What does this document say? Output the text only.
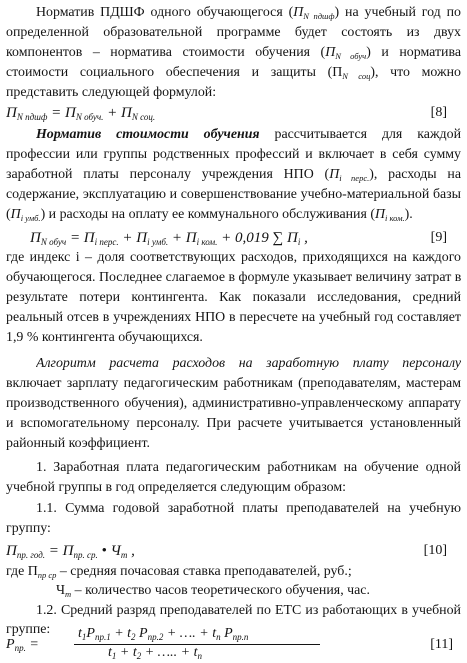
Норматив ПДШФ одного обучающегося $(П_{N пдшф})$ на учебный год по
определенной образовательной программе будет состоять из двух
компонентов – норматива стоимости обучения $(П_{N обуч})$ и норматива
стоимости социального обеспечения и защиты $(П_{N соц})$, что можно
представить следующей формулой:
$П_{N пдшф} = П_{N обуч.} + П_{N соц.}$	[8]
Норматив стоимости обучения рассчитывается для каждой
профессии или группы родственных профессий и включает в себя сумму
заработной платы персоналу учреждения НПО $(П_{i перс.})$, расходы на
содержание, эксплуатацию и совершенствование учебно-материальной базы
$(П_{i умб.})$ и расходы на оплату ее коммунального обслуживания $(П_{i ком.})$.
$П_{N обуч} = П_{i перс.} + П_{i умб.} + П_{i ком.} + 0,019$ ∑ $П_i$ ,	[9]
где индекс i – доля соответствующих расходов, приходящихся на каждого
обучающегося. Последнее слагаемое в формуле указывает величину затрат в
результате потери контингента. Как показали исследования, средний
реальный отсев в учреждениях НПО в пересчете на учебный год составляет
1,9 % контингента обучающихся.
Алгоритм расчета расходов на заработную плату персоналу
включает зарплату педагогическим работникам (преподавателям, мастерам
производственного обучения), административно-управленческому аппарату
и вспомогательному персоналу. При расчете учитывается установленный
районный коэффициент.
1. Заработная плата педагогическим работникам на обучение одной
учебной группы в год определяется следующим образом:
1.1. Сумма годовой заработной платы преподавателей на учебную
группу:
$П_{пр. год.} = П_{пр. ср.}$ • $Ч_т$ ,	[10]
где $П_{пр ср}$ – средняя почасовая ставка преподавателей, руб.;
$Ч_т$ – количество часов теоретического обучения, час.
1.2. Средний разряд преподавателей по ЕТС из работающих в учебной
группе:
$P_{пр.}$ =
$t_1P_{пр.1} + t_2$ $P_{пр.2}$ + …. + $t_n$ $P_{пр.n}$
$t_1 + t_2$ + ….. + $t_n$
[11]
